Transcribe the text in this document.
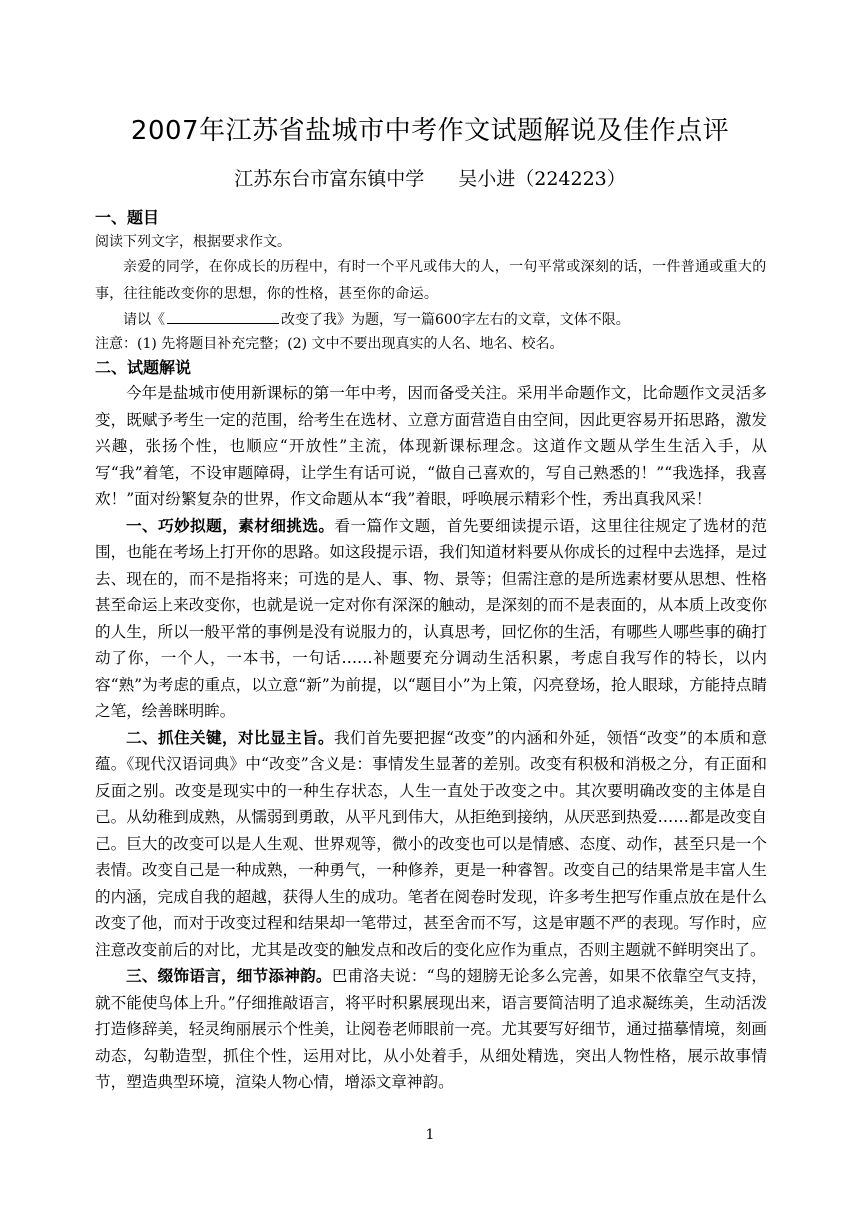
2007年江苏省盐城市中考作文试题解说及佳作点评
江苏东台市富东镇中学 吴小进（224223）

一、题目

阅读下列文字，根据要求作文。

亲爱的同学，在你成长的历程中，有时一个平凡或伟大的人，一句平常或深刻的话，一件普通或重大的事，往往能改变你的思想，你的性格，甚至你的命运。

请以《	改变了我》为题，写一篇600字左右的文章，文体不限。

注意：(1) 先将题目补充完整；(2) 文中不要出现真实的人名、地名、校名。

二、试题解说

今年是盐城市使用新课标的第一年中考，因而备受关注。采用半命题作文，比命题作文灵活多变，既赋予考生一定的范围，给考生在选材、立意方面营造自由空间，因此更容易开拓思路，激发兴趣，张扬个性，也顺应“开放性”主流，体现新课标理念。这道作文题从学生生活入手，从写“我”着笔，不设审题障碍，让学生有话可说，“做自己喜欢的，写自己熟悉的！”“我选择，我喜欢！”面对纷繁复杂的世界，作文命题从本“我”着眼，呼唤展示精彩个性，秀出真我风采！

一、巧妙拟题，素材细挑选。看一篇作文题，首先要细读提示语，这里往往规定了选材的范围，也能在考场上打开你的思路。如这段提示语，我们知道材料要从你成长的过程中去选择，是过去、现在的，而不是指将来；可选的是人、事、物、景等；但需注意的是所选素材要从思想、性格甚至命运上来改变你，也就是说一定对你有深深的触动，是深刻的而不是表面的，从本质上改变你的人生，所以一般平常的事例是没有说服力的，认真思考，回忆你的生活，有哪些人哪些事的确打动了你，一个人，一本书，一句话……补题要充分调动生活积累，考虑自我写作的特长，以内容“熟”为考虑的重点，以立意“新”为前提，以“题目小”为上策，闪亮登场，抢人眼球，方能持点睛之笔，绘善眯明眸。

二、抓住关键，对比显主旨。我们首先要把握“改变”的内涵和外延，领悟“改变”的本质和意蕴。《现代汉语词典》中“改变”含义是：事情发生显著的差别。改变有积极和消极之分，有正面和反面之别。改变是现实中的一种生存状态，人生一直处于改变之中。其次要明确改变的主体是自己。从幼稚到成熟，从懦弱到勇敢，从平凡到伟大，从拒绝到接纳，从厌恶到热爱……都是改变自己。巨大的改变可以是人生观、世界观等，微小的改变也可以是情感、态度、动作，甚至只是一个表情。改变自己是一种成熟，一种勇气，一种修养，更是一种睿智。改变自己的结果常是丰富人生的内涵，完成自我的超越，获得人生的成功。笔者在阅卷时发现，许多考生把写作重点放在是什么改变了他，而对于改变过程和结果却一笔带过，甚至舍而不写，这是审题不严的表现。写作时，应注意改变前后的对比，尤其是改变的触发点和改后的变化应作为重点，否则主题就不鲜明突出了。

三、缀饰语言，细节添神韵。巴甫洛夫说：“鸟的翅膀无论多么完善，如果不依靠空气支持，就不能使鸟体上升。”仔细推敲语言，将平时积累展现出来，语言要简洁明了追求凝练美，生动活泼打造修辞美，轻灵绚丽展示个性美，让阅卷老师眼前一亮。尤其要写好细节，通过描摹情境，刻画动态，勾勒造型，抓住个性，运用对比，从小处着手，从细处精选，突出人物性格，展示故事情节，塑造典型环境，渲染人物心情，增添文章神韵。

1
